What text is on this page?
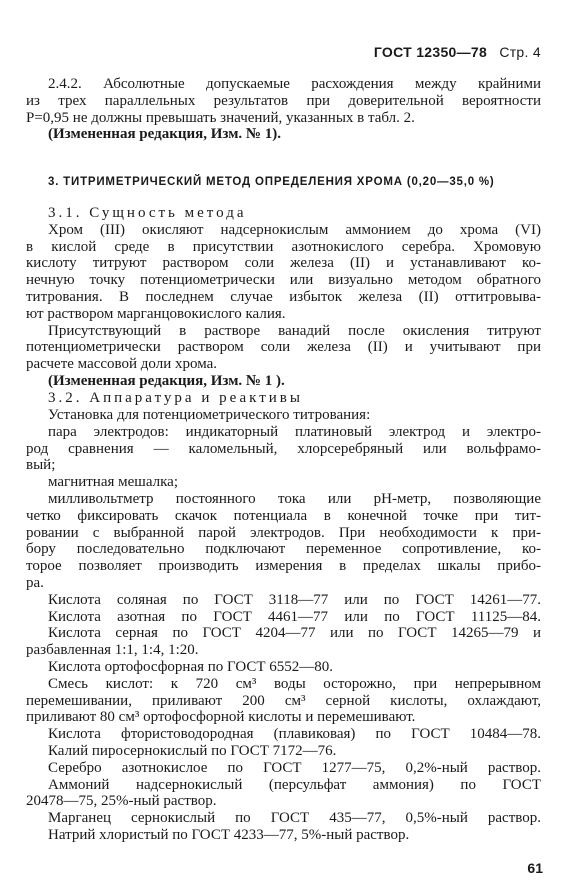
ГОСТ 12350—78 Стр. 4
2.4.2. Абсолютные допускаемые расхождения между крайними
из трех параллельных результатов при доверительной вероятности
P=0,95 не должны превышать значений, указанных в табл. 2.
(Измененная редакция, Изм. № 1).
3. ТИТРИМЕТРИЧЕСКИЙ МЕТОД ОПРЕДЕЛЕНИЯ ХРОМА (0,20—35,0 %)
3.1. Сущность метода
Хром (III) окисляют надсернокислым аммонием до хрома (VI)
в кислой среде в присутствии азотнокислого серебра. Хромовую
кислоту титруют раствором соли железа (II) и устанавливают ко-
нечную точку потенциометрически или визуально методом обратного
титрования. В последнем случае избыток железа (II) оттитровыва-
ют раствором марганцовокислого калия.
Присутствующий в растворе ванадий после окисления титруют
потенциометрически раствором соли железа (II) и учитывают при
расчете массовой доли хрома.
(Измененная редакция, Изм. № 1 ).
3.2. Аппаратура и реактивы
Установка для потенциометрического титрования:
пара электродов: индикаторный платиновый электрод и электро-
род сравнения — каломельный, хлорсеребряный или вольфрамо-
вый;
магнитная мешалка;
милливольтметр постоянного тока или рН-метр, позволяющие
четко фиксировать скачок потенциала в конечной точке при тит-
ровании с выбранной парой электродов. При необходимости к при-
бору последовательно подключают переменное сопротивление, ко-
торое позволяет производить измерения в пределах шкалы прибо-
ра.
Кислота соляная по ГОСТ 3118—77 или по ГОСТ 14261—77.
Кислота азотная по ГОСТ 4461—77 или по ГОСТ 11125—84.
Кислота серная по ГОСТ 4204—77 или по ГОСТ 14265—79 и
разбавленная 1:1, 1:4, 1:20.
Кислота ортофосфорная по ГОСТ 6552—80.
Смесь кислот: к 720 см³ воды осторожно, при непрерывном
перемешивании, приливают 200 см³ серной кислоты, охлаждают,
приливают 80 см³ ортофосфорной кислоты и перемешивают.
Кислота фтористоводородная (плавиковая) по ГОСТ 10484—78.
Калий пиросернокислый по ГОСТ 7172—76.
Серебро азотнокислое по ГОСТ 1277—75, 0,2%-ный раствор.
Аммоний надсернокислый (персульфат аммония) по ГОСТ
20478—75, 25%-ный раствор.
Марганец сернокислый по ГОСТ 435—77, 0,5%-ный раствор.
Натрий хлористый по ГОСТ 4233—77, 5%-ный раствор.
61
